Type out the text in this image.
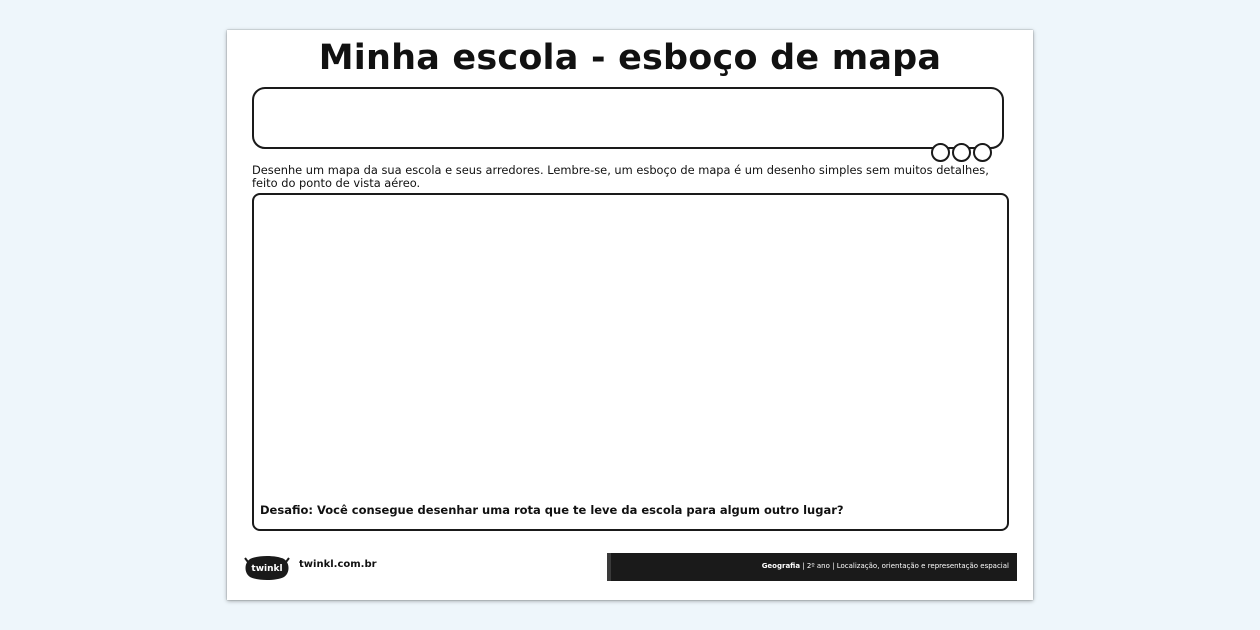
Minha escola - esboço de mapa
Desenhe um mapa da sua escola e seus arredores. Lembre-se, um esboço de mapa é um desenho simples sem muitos detalhes, feito do ponto de vista aéreo.
Desafio: Você consegue desenhar uma rota que te leve da escola para algum outro lugar?
twinkl twinkl.com.br	Geografia | 2º ano | Localização, orientação e representação espacial
